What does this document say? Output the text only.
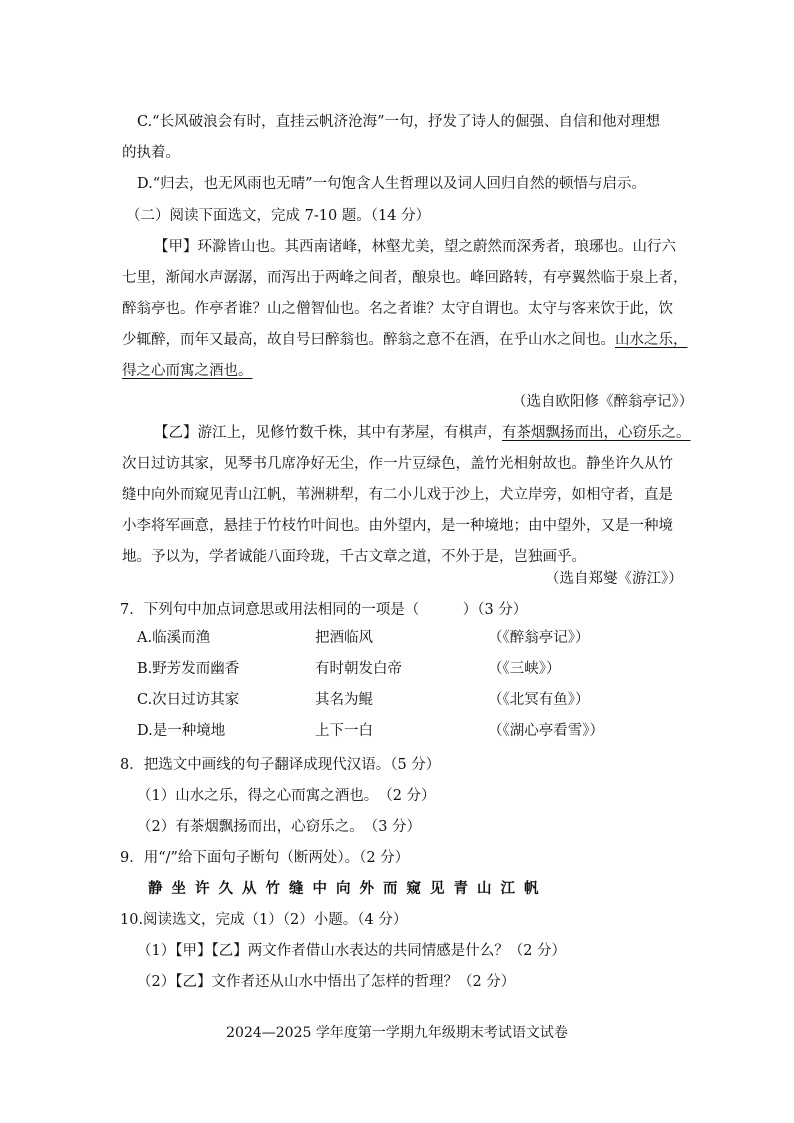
C.“长风破浪会有时，直挂云帆济沧海”一句，抒发了诗人的倔强、自信和他对理想
的执着。
D.“归去，也无风雨也无晴”一句饱含人生哲理以及词人回归自然的顿悟与启示。
（二）阅读下面选文，完成 7-10 题。（14 分）
【甲】环滁皆山也。其西南诸峰，林壑尤美，望之蔚然而深秀者，琅琊也。山行六
七里，渐闻水声潺潺，而泻出于两峰之间者，酿泉也。峰回路转，有亭翼然临于泉上者，
醉翁亭也。作亭者谁？山之僧智仙也。名之者谁？太守自谓也。太守与客来饮于此，饮
少辄醉，而年又最高，故自号曰醉翁也。醉翁之意不在酒，在乎山水之间也。山水之乐，
得之心而寓之酒也。
（选自欧阳修《醉翁亭记》）
【乙】游江上，见修竹数千株，其中有茅屋，有棋声，有茶烟飘扬而出，心窃乐之。
次日过访其家，见琴书几席净好无尘，作一片豆绿色，盖竹光相射故也。静坐许久从竹
缝中向外而窥见青山江帆，苇洲耕犁，有二小儿戏于沙上，犬立岸旁，如相守者，直是
小李将军画意，悬挂于竹枝竹叶间也。由外望内，是一种境地；由中望外，又是一种境
地。予以为，学者诚能八面玲珑，千古文章之道，不外于是，岂独画乎。
（选自郑燮《游江》）
7．下列句中加点词意思或用法相同的一项是（　　　）（3 分）
A.临溪而渔	把酒临风	（《醉翁亭记》）
B.野芳发而幽香	有时朝发白帝	（《三峡》）
C.次日过访其家	其名为鲲	（《北冥有鱼》）
D.是一种境地	上下一白	（《湖心亭看雪》）
8．把选文中画线的句子翻译成现代汉语。（5 分）
（1）山水之乐，得之心而寓之酒也。　（2 分）
（2）有茶烟飘扬而出，心窃乐之。　（3 分）
9．用“/”给下面句子断句（断两处）。（2 分）
静坐许久从竹缝中向外而窥见青山江帆
10.阅读选文，完成（1）（2）小题。（4 分）
（1）【甲】【乙】两文作者借山水表达的共同情感是什么？（2 分）
（2）【乙】文作者还从山水中悟出了怎样的哲理？（2 分）
2024—2025 学年度第一学期九年级期末考试语文试卷
